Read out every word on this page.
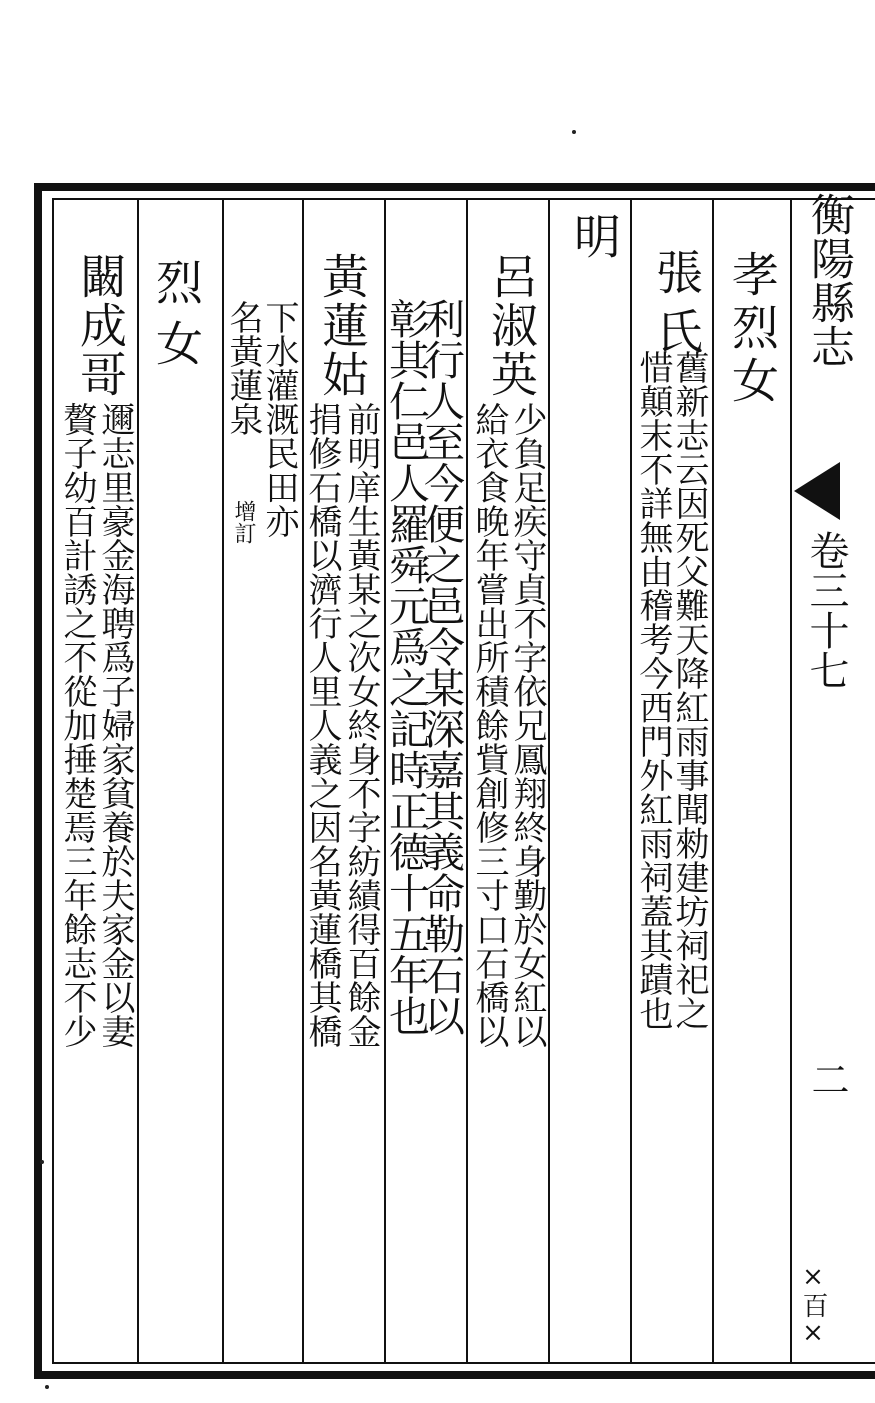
衡陽縣志
卷三十七
二
×百×
孝烈女
張氏
舊新志云因死父難天降紅雨事聞勑建坊祠祀之
惜顛末不詳無由稽考今西門外紅雨祠蓋其蹟也
明
呂淑英
少負足疾守貞不字依兄鳳翔終身勤於女紅以
給衣食晚年嘗出所積餘貲創修三寸口石橋以
利行人至今便之邑令某深嘉其義命勒石以
彰其仁邑人羅舜元爲之記時正德十五年也
黃蓮姑
前明庠生黃某之次女終身不字紡績得百餘金
捐修石橋以濟行人里人義之因名黃蓮橋其橋
下水灌溉民田亦
名黃蓮泉
增訂
烈女
闞成哥
邇志里豪金海聘爲子婦家貧養於夫家金以妻
贅子幼百計誘之不從加捶楚焉三年餘志不少
